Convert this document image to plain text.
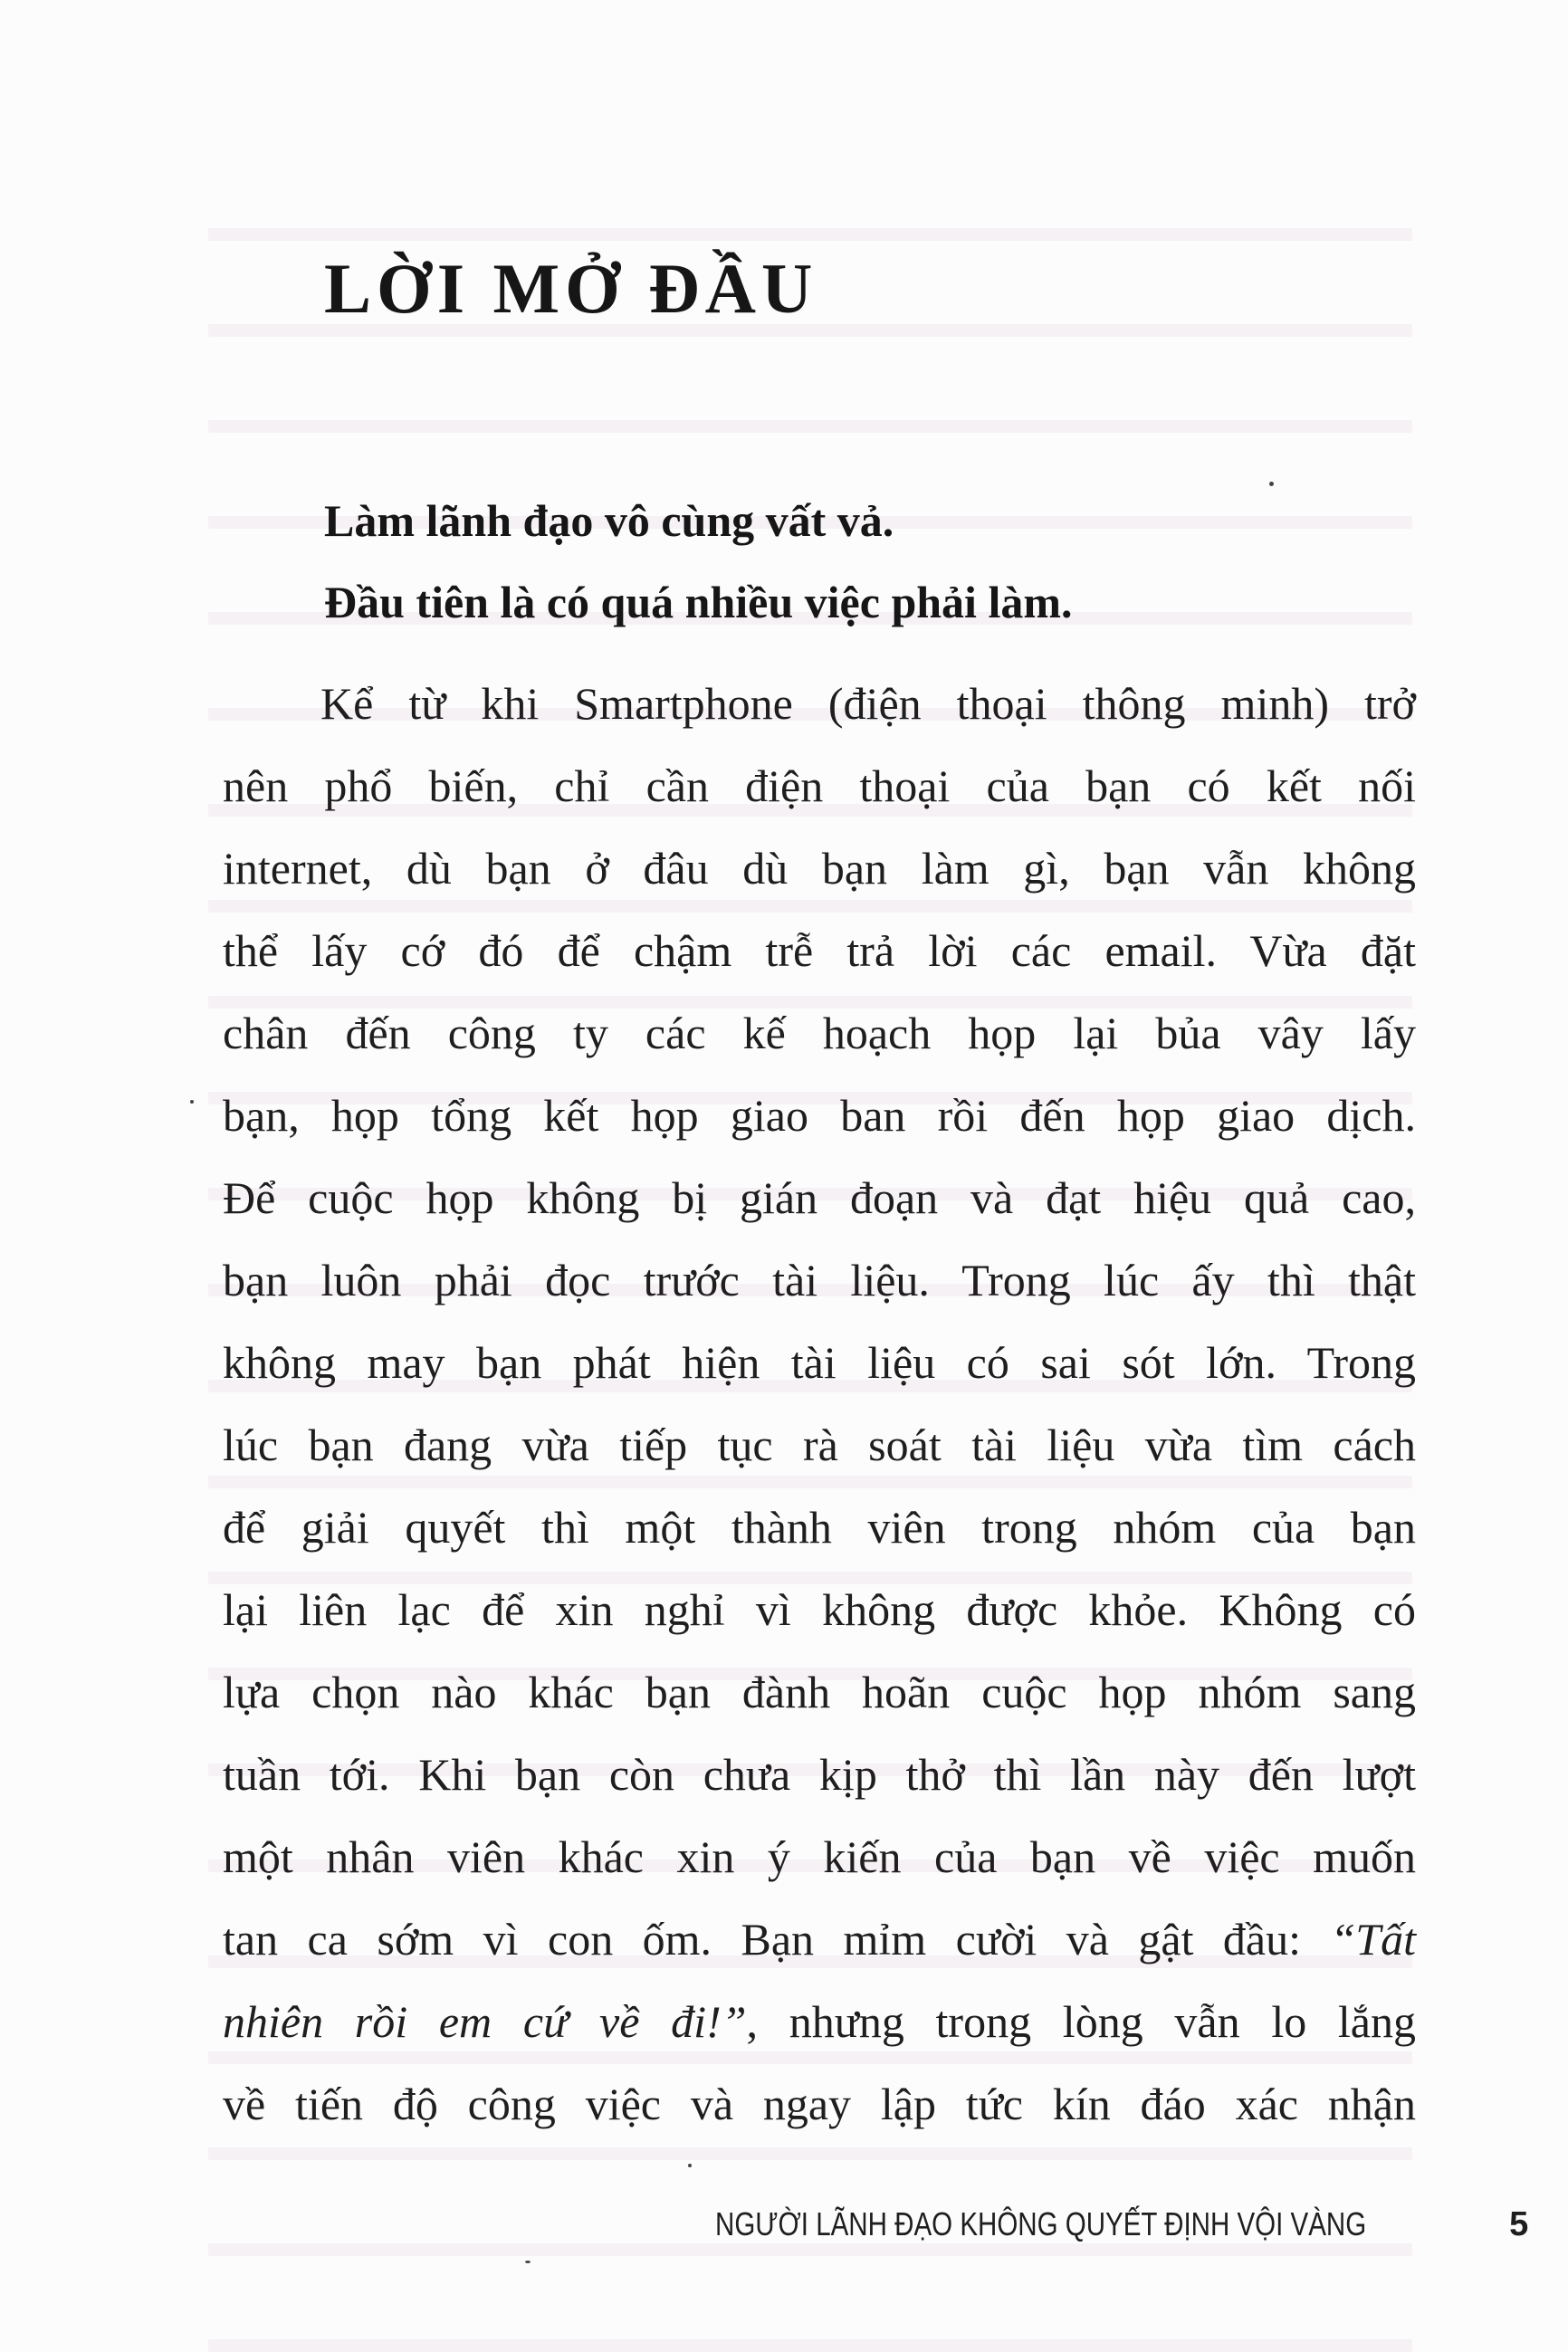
LỜI MỞ ĐẦU

Làm lãnh đạo vô cùng vất vả.

Đầu tiên là có quá nhiều việc phải làm.

Kể từ khi Smartphone (điện thoại thông minh) trở
nên phổ biến, chỉ cần điện thoại của bạn có kết nối
internet, dù bạn ở đâu dù bạn làm gì, bạn vẫn không
thể lấy cớ đó để chậm trễ trả lời các email. Vừa đặt
chân đến công ty các kế hoạch họp lại bủa vây lấy
bạn, họp tổng kết họp giao ban rồi đến họp giao dịch.
Để cuộc họp không bị gián đoạn và đạt hiệu quả cao,
bạn luôn phải đọc trước tài liệu. Trong lúc ấy thì thật
không may bạn phát hiện tài liệu có sai sót lớn. Trong
lúc bạn đang vừa tiếp tục rà soát tài liệu vừa tìm cách
để giải quyết thì một thành viên trong nhóm của bạn
lại liên lạc để xin nghỉ vì không được khỏe. Không có
lựa chọn nào khác bạn đành hoãn cuộc họp nhóm sang
tuần tới. Khi bạn còn chưa kịp thở thì lần này đến lượt
một nhân viên khác xin ý kiến của bạn về việc muốn
tan ca sớm vì con ốm. Bạn mỉm cười và gật đầu: “Tất
nhiên rồi em cứ về đi!”, nhưng trong lòng vẫn lo lắng
về tiến độ công việc và ngay lập tức kín đáo xác nhận
NGƯỜI LÃNH ĐẠO KHÔNG QUYẾT ĐỊNH VỘI VÀNG	5
